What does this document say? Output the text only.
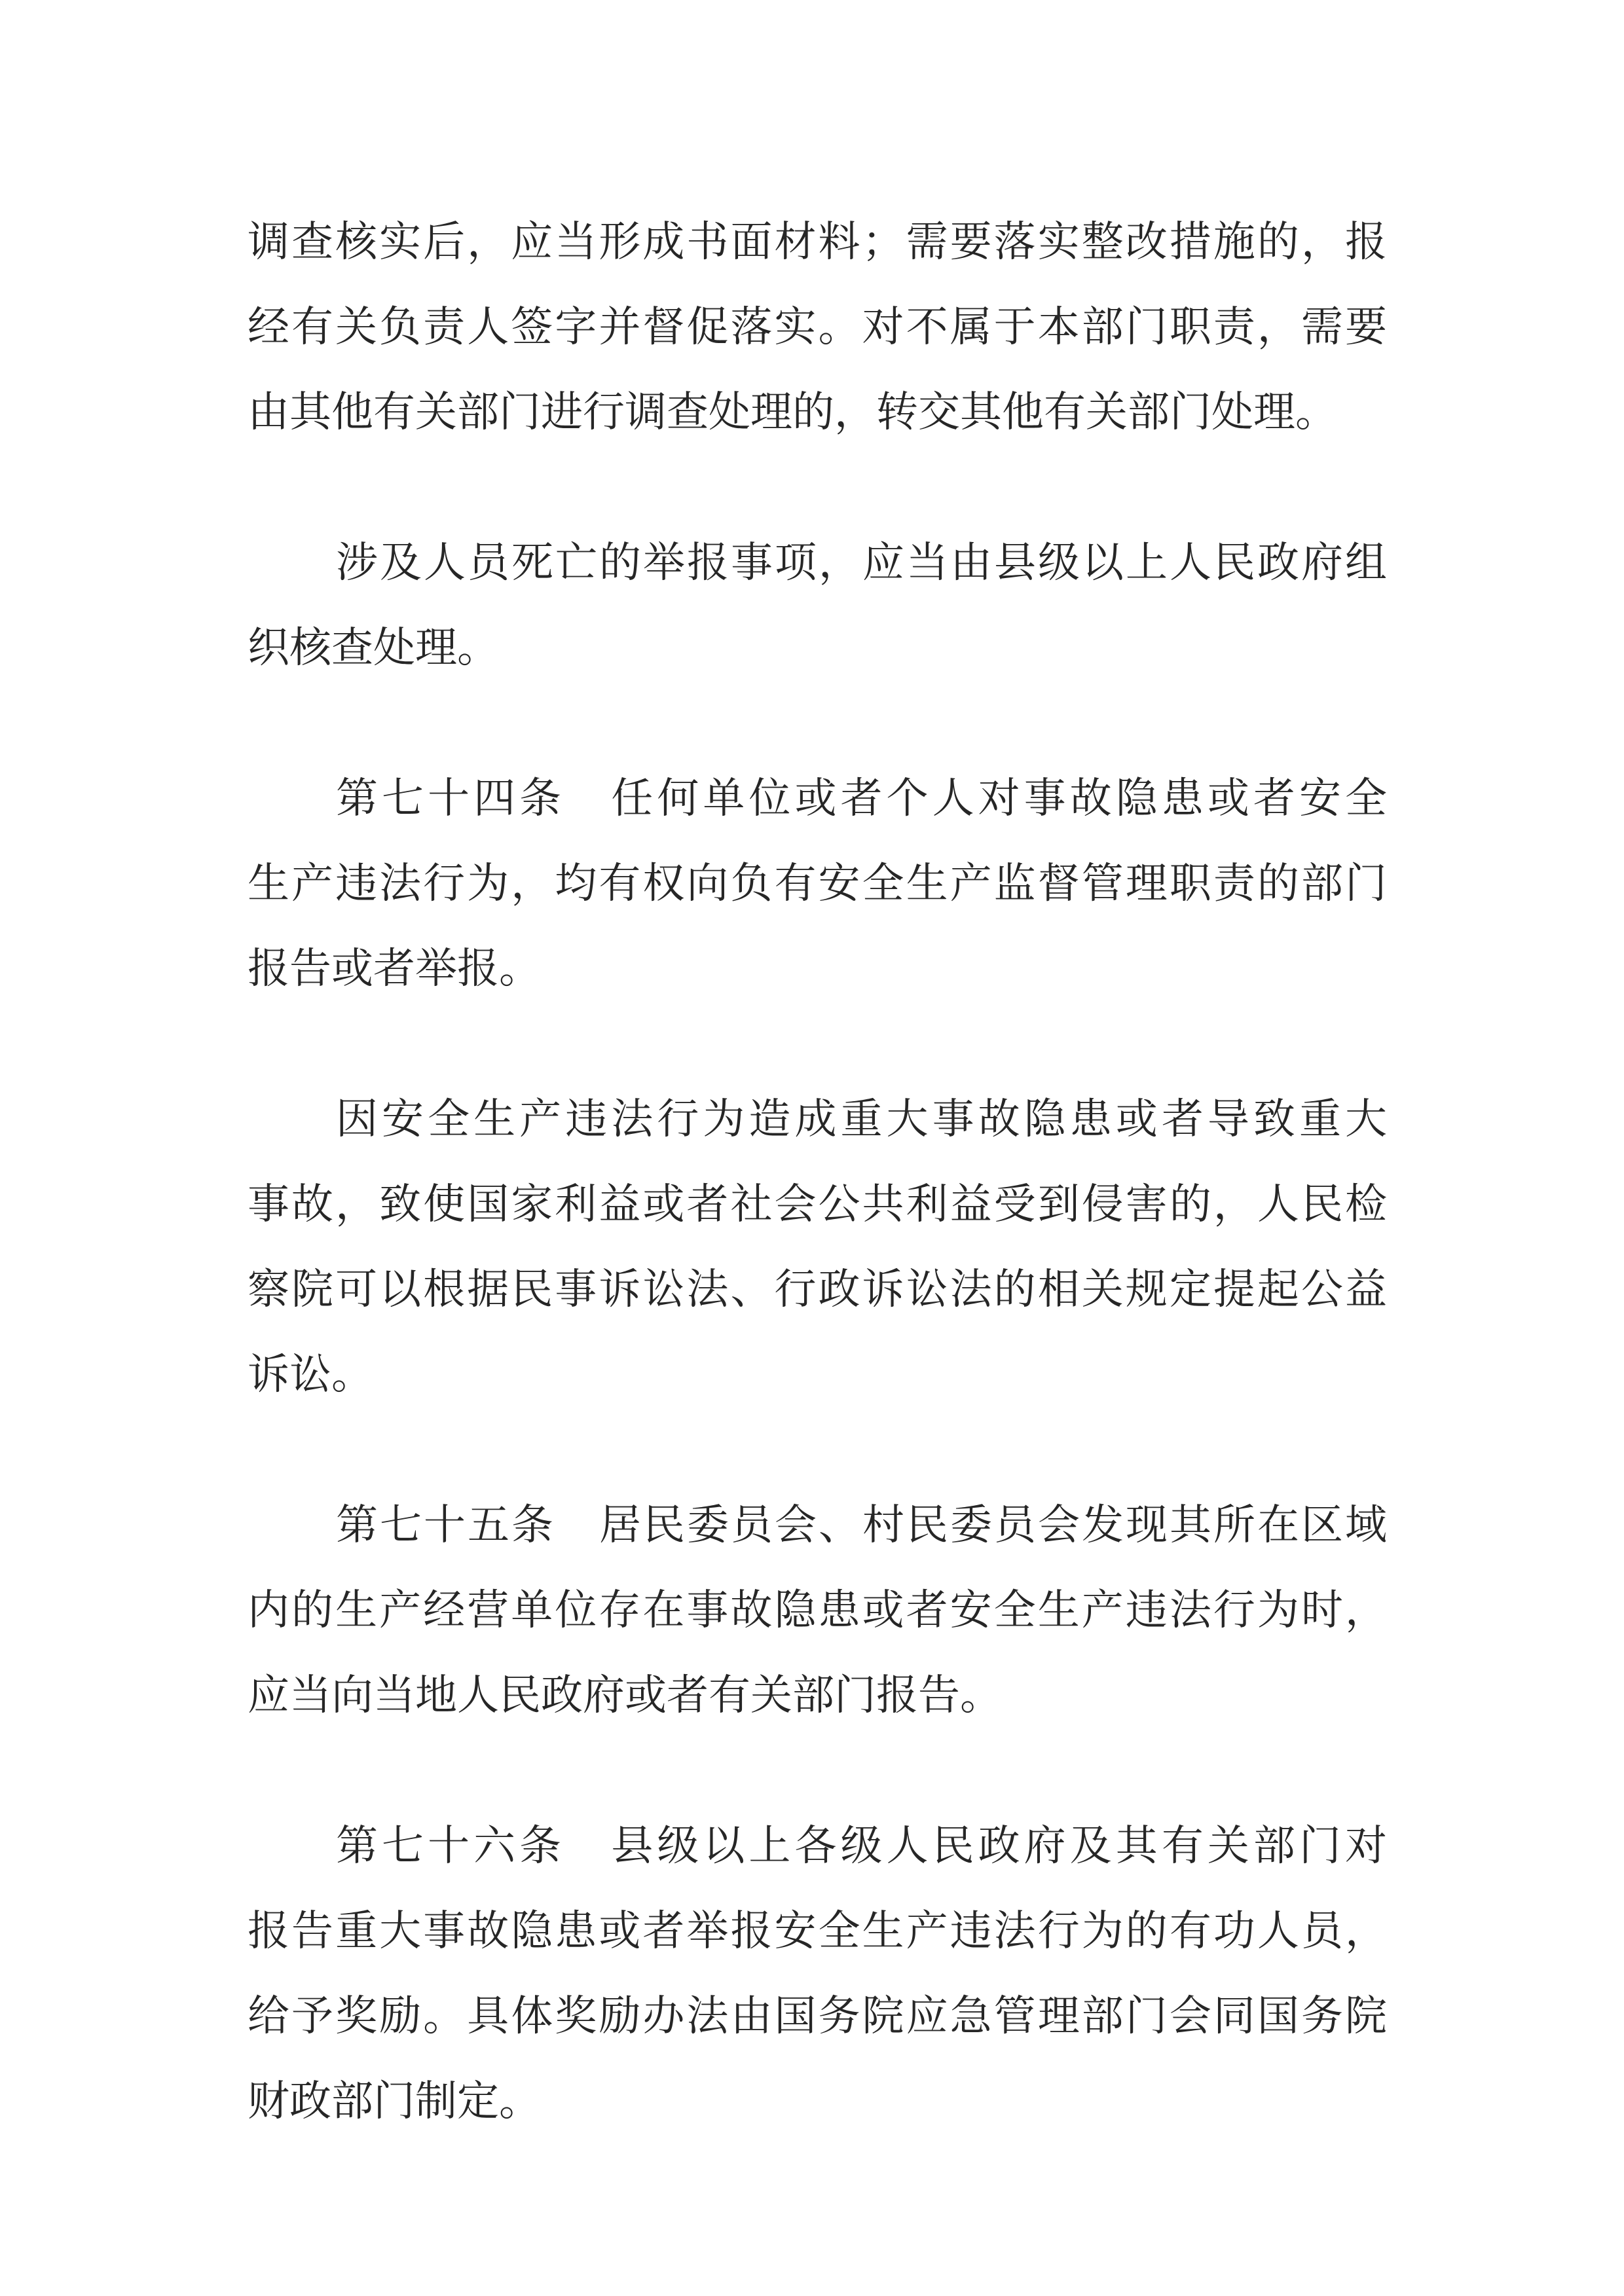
调查核实后，应当形成书面材料；需要落实整改措施的，报
经有关负责人签字并督促落实。对不属于本部门职责，需要
由其他有关部门进行调查处理的，转交其他有关部门处理。

涉及人员死亡的举报事项，应当由县级以上人民政府组
织核查处理。

第七十四条　任何单位或者个人对事故隐患或者安全
生产违法行为，均有权向负有安全生产监督管理职责的部门
报告或者举报。

因安全生产违法行为造成重大事故隐患或者导致重大
事故，致使国家利益或者社会公共利益受到侵害的，人民检
察院可以根据民事诉讼法、行政诉讼法的相关规定提起公益
诉讼。

第七十五条　居民委员会、村民委员会发现其所在区域
内的生产经营单位存在事故隐患或者安全生产违法行为时，
应当向当地人民政府或者有关部门报告。

第七十六条　县级以上各级人民政府及其有关部门对
报告重大事故隐患或者举报安全生产违法行为的有功人员，
给予奖励。具体奖励办法由国务院应急管理部门会同国务院
财政部门制定。
